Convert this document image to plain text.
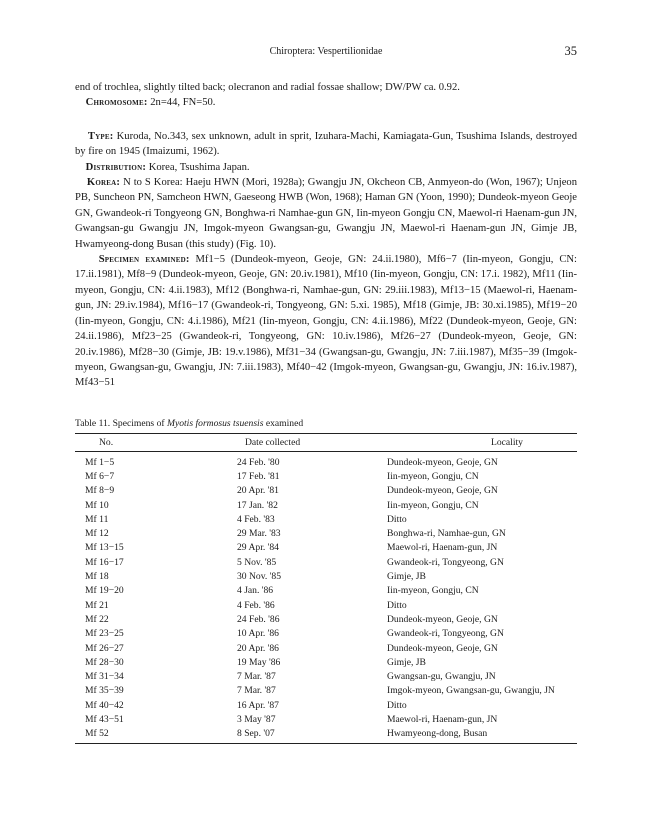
Chiroptera: Vespertilionidae	35

end of trochlea, slightly tilted back; olecranon and radial fossae shallow; DW/PW ca. 0.92.

Chromosome: 2n=44, FN=50.

Type: Kuroda, No.343, sex unknown, adult in sprit, Izuhara-Machi, Kamiagata-Gun, Tsushima Islands, destroyed by fire on 1945 (Imaizumi, 1962).

Distribution: Korea, Tsushima Japan.

Korea: N to S Korea: Haeju HWN (Mori, 1928a); Gwangju JN, Okcheon CB, Anmyeon-do (Won, 1967); Unjeon PB, Suncheon PN, Samcheon HWN, Gaeseong HWB (Won, 1968); Haman GN (Yoon, 1990); Dundeok-myeon Geoje GN, Gwandeok-ri Tongyeong GN, Bonghwa-ri Namhae-gun GN, Iin-myeon Gongju CN, Maewol-ri Haenam-gun JN, Gwangsan-gu Gwangju JN, Imgok-myeon Gwangsan-gu, Gwangju JN, Maewol-ri Haenam-gun JN, Gimje JB, Hwamyeong-dong Busan (this study) (Fig. 10).

Specimen examined: Mf1−5 (Dundeok-myeon, Geoje, GN: 24.ii.1980), Mf6−7 (Iin-myeon, Gongju, CN: 17.ii.1981), Mf8−9 (Dundeok-myeon, Geoje, GN: 20.iv.1981), Mf10 (Iin-myeon, Gongju, CN: 17.i. 1982), Mf11 (Iin-myeon, Gongju, CN: 4.ii.1983), Mf12 (Bonghwa-ri, Namhae-gun, GN: 29.iii.1983), Mf13−15 (Maewol-ri, Haenam-gun, JN: 29.iv.1984), Mf16−17 (Gwandeok-ri, Tongyeong, GN: 5.xi. 1985), Mf18 (Gimje, JB: 30.xi.1985), Mf19−20 (Iin-myeon, Gongju, CN: 4.i.1986), Mf21 (Iin-myeon, Gongju, CN: 4.ii.1986), Mf22 (Dundeok-myeon, Geoje, GN: 24.ii.1986), Mf23−25 (Gwandeok-ri, Tongyeong, GN: 10.iv.1986), Mf26−27 (Dundeok-myeon, Geoje, GN: 20.iv.1986), Mf28−30 (Gimje, JB: 19.v.1986), Mf31−34 (Gwangsan-gu, Gwangju, JN: 7.iii.1987), Mf35−39 (Imgok-myeon, Gwangsan-gu, Gwangju, JN: 7.iii.1983), Mf40−42 (Imgok-myeon, Gwangsan-gu, Gwangju, JN: 16.iv.1987), Mf43−51

Table 11. Specimens of Myotis formosus tsuensis examined
No.	Date collected	Locality
Mf 1−5	24 Feb. '80	Dundeok-myeon, Geoje, GN
Mf 6−7	17 Feb. '81	Iin-myeon, Gongju, CN
Mf 8−9	20 Apr. '81	Dundeok-myeon, Geoje, GN
Mf 10	17 Jan. '82	Iin-myeon, Gongju, CN
Mf 11	4 Feb. '83	Ditto
Mf 12	29 Mar. '83	Bonghwa-ri, Namhae-gun, GN
Mf 13−15	29 Apr. '84	Maewol-ri, Haenam-gun, JN
Mf 16−17	5 Nov. '85	Gwandeok-ri, Tongyeong, GN
Mf 18	30 Nov. '85	Gimje, JB
Mf 19−20	4 Jan. '86	Iin-myeon, Gongju, CN
Mf 21	4 Feb. '86	Ditto
Mf 22	24 Feb. '86	Dundeok-myeon, Geoje, GN
Mf 23−25	10 Apr. '86	Gwandeok-ri, Tongyeong, GN
Mf 26−27	20 Apr. '86	Dundeok-myeon, Geoje, GN
Mf 28−30	19 May '86	Gimje, JB
Mf 31−34	7 Mar. '87	Gwangsan-gu, Gwangju, JN
Mf 35−39	7 Mar. '87	Imgok-myeon, Gwangsan-gu, Gwangju, JN
Mf 40−42	16 Apr. '87	Ditto
Mf 43−51	3 May '87	Maewol-ri, Haenam-gun, JN
Mf 52	8 Sep. '07	Hwamyeong-dong, Busan
